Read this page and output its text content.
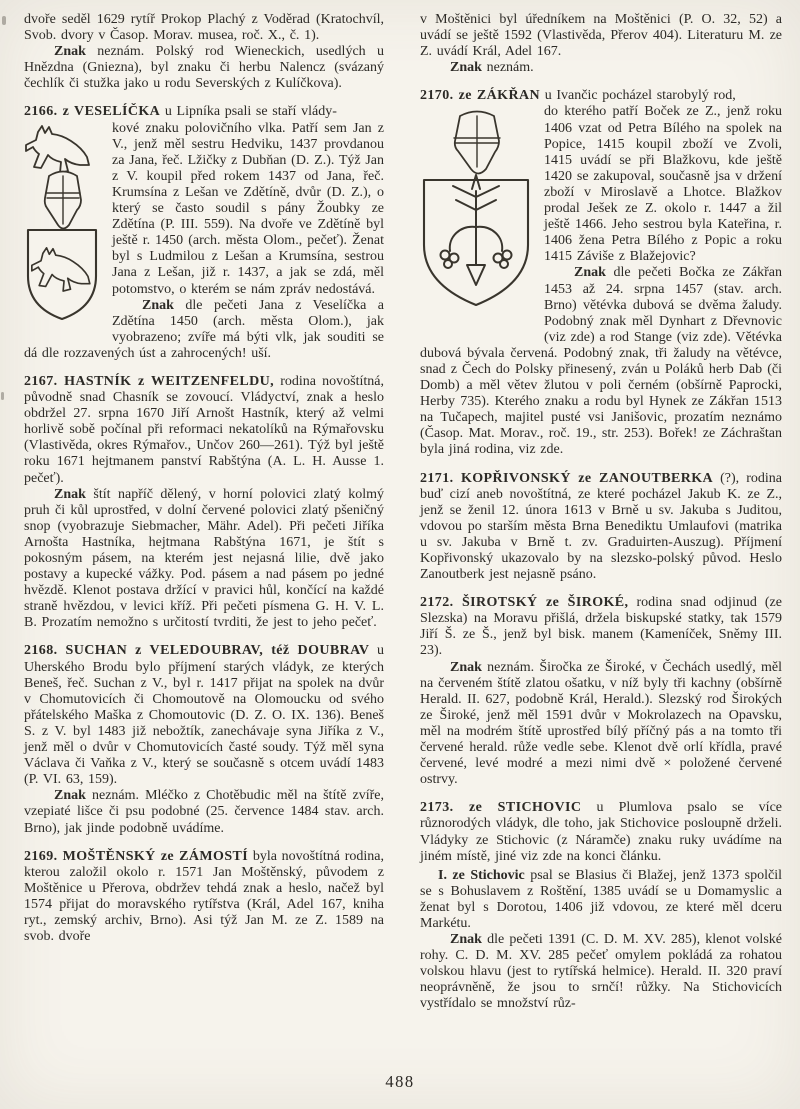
dvoře seděl 1629 rytíř Prokop Plachý z Voděrad (Kratochvíl, Svob. dvory v Časop. Morav. musea, roč. X., č. 1).

Znak neznám. Polský rod Wieneckich, usedlých u Hnězdna (Gniezna), byl znaku či herbu Nalencz (svázaný čechlík či stužka jako u rodu Severských z Kulíčkova).

2166. z VESELÍČKA u Lipníka psali se staří vlády-

kové znaku polovičního vlka. Patří sem Jan z V., jenž měl sestru Hedviku, 1437 provdanou za Jana, řeč. Lžičky z Dubňan (D. Z.). Týž Jan z V. koupil před rokem 1437 od Jana, řeč. Krumsína z Lešan ve Zdětíně, dvůr (D. Z.), o který se často soudil s pány Žoubky ze Zdětína (P. III. 559). Na dvoře ve Zdětíně byl ještě r. 1450 (arch. města Olom., pečeť). Ženat byl s Ludmilou z Lešan a Krumsína, sestrou Jana z Lešan, již r. 1437, a jak se zdá, měl potomstvo, o kterém se nám zpráv nedostává.

Znak dle pečeti Jana z Veselíčka a Zdětína 1450 (arch. města Olom.), jak vyobrazeno; zvíře má býti vlk, jak souditi se dá dle rozzavených úst a zahrocených! uší.

2167. HASTNÍK z WEITZENFELDU, rodina novoštítná, původně snad Chasník se zovoucí. Vládyctví, znak a heslo obdržel 27. srpna 1670 Jiří Arnošt Hastník, který až velmi horlivě sobě počínal při reformaci nekatolíků na Rýmařovsku (Vlastivěda, okres Rýmařov., Unčov 260—261). Týž byl ještě roku 1671 hejtmanem panství Rabštýna (A. L. H. Ausse 1. pečeť).

Znak štít napříč dělený, v horní polovici zlatý kolmý pruh či kůl uprostřed, v dolní červené polovici zlatý pšeničný snop (vyobrazuje Siebmacher, Mähr. Adel). Při pečeti Jiříka Arnošta Hastníka, hejtmana Rabštýna 1671, je štít s pokosným pásem, na kterém jest nejasná lilie, dvě jako postavy a kupecké vážky. Pod. pásem a nad pásem po jedné hvězdě. Klenot postava držící v pravici hůl, končící na každé straně hvězdou, v levici kříž. Při pečeti písmena G. H. V. L. B. Prozatím nemožno s určitostí tvrditi, že jest to jeho pečeť.

2168. SUCHAN z VELEDOUBRAV, též DOUBRAV u Uherského Brodu bylo příjmení starých vládyk, ze kterých Beneš, řeč. Suchan z V., byl r. 1417 přijat na spolek na dvůr v Chomutovicích či Chomoutově na Olomoucku od svého přátelského Maška z Chomoutovic (D. Z. O. IX. 136). Beneš S. z V. byl 1483 již nebožtík, zanechávaje syna Jiříka z V., jenž měl o dvůr v Chomutovicích časté soudy. Týž měl syna Václava či Vaňka z V., který se současně s otcem uvádí 1483 (P. VI. 63, 159).

Znak neznám. Mléčko z Chotěbudic měl na štítě zvíře, vzepiaté lišce či psu podobné (25. července 1484 stav. arch. Brno), jak jinde podobně uvádíme.

2169. MOŠTĚNSKÝ ze ZÁMOSTÍ byla novoštítná rodina, kterou založil okolo r. 1571 Jan Moštěnský, původem z Moštěnice u Přerova, obdržev tehdá znak a heslo, načež byl 1574 přijat do moravského rytířstva (Král, Adel 167, kniha ryt., zemský archiv, Brno). Asi týž Jan M. ze Z. 1589 na svob. dvoře

v Moštěnici byl úředníkem na Moštěnici (P. O. 32, 52) a uvádí se ještě 1592 (Vlastivěda, Přerov 404). Literaturu M. ze Z. uvádí Král, Adel 167.

Znak neznám.

2170. ze ZÁKŘAN u Ivančic pocházel starobylý rod,

do kterého patří Boček ze Z., jenž roku 1406 vzat od Petra Bílého na spolek na Popice, 1415 koupil zboží ve Zvoli, 1415 uvádí se při Blažkovu, kde ještě 1420 se zakupoval, současně jsa v držení zboží v Miroslavě a Lhotce. Blažkov prodal Ješek ze Z. okolo r. 1447 a žil ještě 1466. Jeho sestrou byla Kateřina, r. 1406 žena Petra Bílého z Popic a roku 1415 Záviše z Blažejovic?

Znak dle pečeti Bočka ze Zákřan 1453 až 24. srpna 1457 (stav. arch. Brno) větévka dubová se dvěma žaludy. Podobný znak měl Dynhart z Dřevnovic (viz zde) a rod Stange (viz zde). Větévka dubová bývala červená. Podobný znak, tři žaludy na větévce, snad z Čech do Polsky přinesený, zván u Poláků herb Dab (či Domb) a měl větev žlutou v poli černém (obšírně Paprocki, Herby 735). Kterého znaku a rodu byl Hynek ze Zákřan 1513 na Tučapech, majitel pusté vsi Janišovic, prozatím neznámo (Časop. Mat. Morav., roč. 19., str. 253). Bořek! ze Záchraštan byla jiná rodina, viz zde.

2171. KOPŘIVONSKÝ ze ZANOUTBERKA (?), rodina buď cizí aneb novoštítná, ze které pocházel Jakub K. ze Z., jenž se ženil 12. února 1613 v Brně u sv. Jakuba s Juditou, vdovou po starším města Brna Benediktu Umlaufovi (matrika u sv. Jakuba v Brně t. zv. Graduirten-Auszug). Příjmení Kopřivonský ukazovalo by na slezsko-polský původ. Heslo Zanoutberk jest nejasně psáno.

2172. ŠIROTSKÝ ze ŠIROKÉ, rodina snad odjinud (ze Slezska) na Moravu přišlá, držela biskupské statky, tak 1579 Jiří Š. ze Š., jenž byl bisk. manem (Kameníček, Sněmy III. 23).

Znak neznám. Širočka ze Široké, v Čechách usedlý, měl na červeném štítě zlatou ošatku, v níž byly tři kachny (obšírně Herald. II. 627, podobně Král, Herald.). Slezský rod Širokých ze Široké, jenž měl 1591 dvůr v Mokrolazech na Opavsku, měl na modrém štítě uprostřed bílý příčný pás a na tomto tři červené herald. růže vedle sebe. Klenot dvě orlí křídla, pravé červené, levé modré a mezi nimi dvě × položené červené ostrvy.

2173. ze STICHOVIC u Plumlova psalo se více různorodých vládyk, dle toho, jak Stichovice posloupně drželi. Vládyky ze Stichovic (z Náramče) znaku ruky uvádíme na jiném místě, jiné viz zde na konci článku.

I. ze Stichovic psal se Blasius či Blažej, jenž 1373 spolčil se s Bohuslavem z Roštění, 1385 uvádí se u Domamyslic a ženat byl s Dorotou, 1406 již vdovou, ze které měl dceru Markétu.

Znak dle pečeti 1391 (C. D. M. XV. 285), klenot volské rohy. C. D. M. XV. 285 pečeť omylem pokládá za rohatou volskou hlavu (jest to rytířská helmice). Herald. II. 320 praví neoprávněně, že jsou to srnčí! růžky. Na Stichovicích vystřídalo se množství růz-

488
